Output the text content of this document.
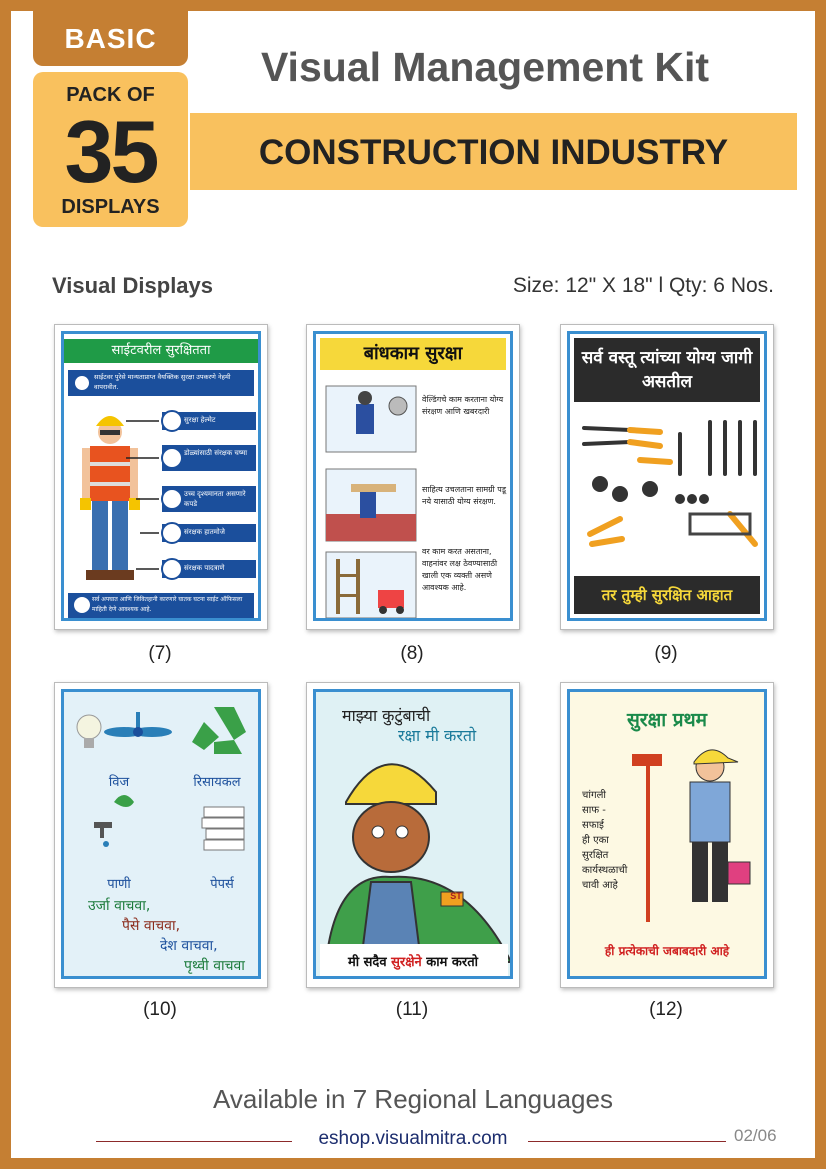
BASIC
PACK OF
35
DISPLAYS
Visual Management Kit
CONSTRUCTION INDUSTRY
Visual Displays	Size: 12" X 18" l Qty: 6 Nos.
साईटवरील सुरक्षितता
साईटवर पुरेसे मान्यताप्राप्त वैयक्तिक सुरक्षा उपकरणे नेहमी वापरावीत.
सुरक्षा हेल्मेट
डोळ्यांसाठी संरक्षक चष्मा
उच्च दृश्यमानता असणारे कपडे
संरक्षक हातमोजे
संरक्षक पादत्राणे
सर्व अपघात आणि जिवितहानी कारणारे घातक घटना साईट ऑफिसला माहिती देणे आवश्यक आहे.
(7)
बांधकाम सुरक्षा
वेल्डिंगचे काम करताना योग्य संरक्षण आणि खबरदारी
साहित्य उचलताना सामग्री पडू नये यासाठी योग्य संरक्षण.
वर काम करत असताना, वाहनांवर लक्ष ठेवण्यासाठी खाली एक व्यक्ती असणे आवश्यक आहे.
(8)
सर्व वस्तू त्यांच्या योग्य जागी असतील
तर तुम्ही सुरक्षित आहात
(9)
विज	रिसायकल
पाणी	पेपर्स
उर्जा वाचवा,
पैसे वाचवा,
देश वाचवा,
पृथ्वी वाचवा
(10)
माझ्या कुटुंबाची
रक्षा मी करतो
ST
मी सदैव सुरक्षेने काम करतो
(11)
सुरक्षा प्रथम
चांगली
साफ -
सफाई
ही एका
सुरक्षित
कार्यस्थळाची
चावी आहे
ही प्रत्येकाची जबाबदारी आहे
(12)
Available in 7 Regional Languages
eshop.visualmitra.com	02/06
